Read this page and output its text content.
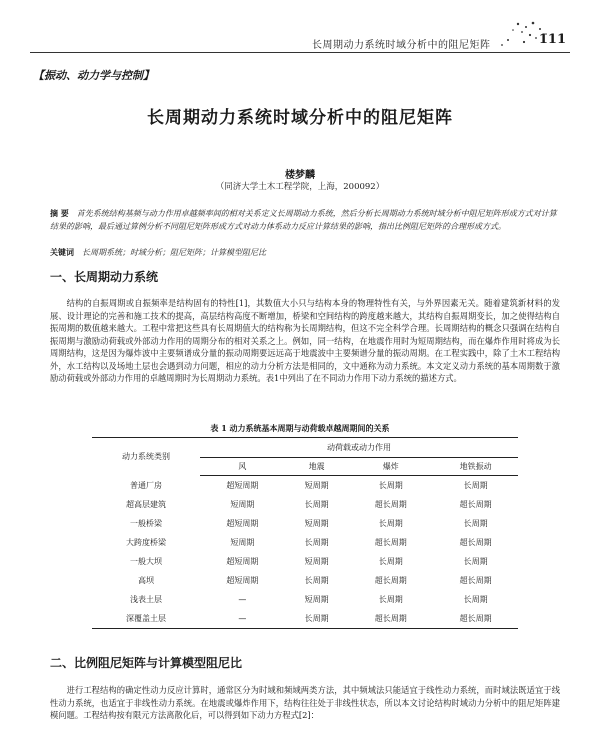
长周期动力系统时域分析中的阻尼矩阵	111
【振动、动力学与控制】
长周期动力系统时域分析中的阻尼矩阵
楼梦麟
（同济大学土木工程学院，上海，200092）
摘 要 首先系统结构基频与动力作用卓越频率间的相对关系定义长周期动力系统，然后分析长周期动力系统时域分析中阻尼矩阵形成方式对计算结果的影响，最后通过算例分析不同阻尼矩阵形成方式对动力体系动力反应计算结果的影响，指出比例阻尼矩阵的合理形成方式。
关键词 长周期系统；时域分析；阻尼矩阵；计算模型阻尼比
一、长周期动力系统
结构的自振周期或自振频率是结构固有的特性[1]，其数值大小只与结构本身的物理特性有关，与外界因素无关。随着建筑新材料的发展、设计理论的完善和施工技术的提高，高层结构高度不断增加，桥梁和空间结构的跨度越来越大，其结构自振周期变长，加之使得结构自振周期的数值越来越大。工程中常把这些具有长周期值大的结构称为长周期结构，但这不完全科学合理。长周期结构的概念只强调在结构自振周期与激励动荷载或外部动力作用的周期分布的相对关系之上。例如，同一结构，在地震作用时为短周期结构，而在爆炸作用时将成为长周期结构，这是因为爆炸波中主要频谱成分量的振动周期要远远高于地震波中主要频谱分量的振动周期。在工程实践中，除了土木工程结构外，水工结构以及场地土层也会遇到动力问题，相应的动力分析方法是相同的，文中通称为动力系统。本文定义动力系统的基本周期数于激励动荷载或外部动力作用的卓越周期时为长周期动力系统。表1中列出了在不同动力作用下动力系统的描述方式。
表 1 动力系统基本周期与动荷载卓越周期间的关系
动力系统类别	动荷载或动力作用			
	风	地震	爆炸	地铁振动
普通厂房	超短周期	短周期	长周期	长周期
超高层建筑	短周期	长周期	超长周期	超长周期
一般桥梁	超短周期	短周期	长周期	长周期
大跨度桥梁	短周期	长周期	超长周期	超长周期
一般大坝	超短周期	短周期	长周期	长周期
高坝	超短周期	长周期	超长周期	超长周期
浅表土层	—	短周期	长周期	长周期
深覆盖土层	—	长周期	超长周期	超长周期
二、比例阻尼矩阵与计算模型阻尼比
进行工程结构的确定性动力反应计算时，通常区分为时域和频域两类方法，其中频域法只能适宜于线性动力系统，而时域法既适宜于线性动力系统，也适宜于非线性动力系统。在地震或爆炸作用下，结构往往处于非线性状态，所以本文讨论结构时域动力分析中的阻尼矩阵建模问题。工程结构按有限元方法离散化后，可以得到如下动力方程式[2]：
